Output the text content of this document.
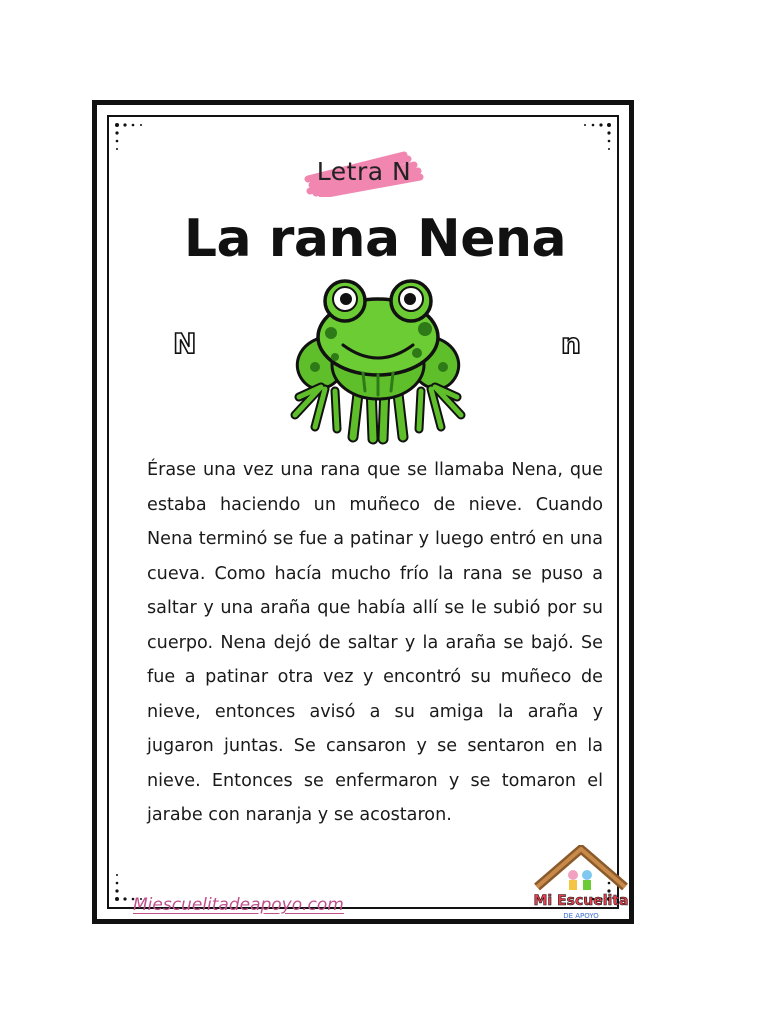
Letra N
La rana Nena
N	n
Érase una vez una rana que se llamaba Nena, que estaba haciendo un muñeco de nieve. Cuando Nena terminó se fue a patinar y luego entró en una cueva. Como hacía mucho frío la rana se puso a saltar y una araña que había allí se le subió por su cuerpo. Nena dejó de saltar y la araña se bajó. Se fue a patinar otra vez y encontró su muñeco de nieve, entonces avisó a su amiga la araña y jugaron juntas. Se cansaron y se sentaron en la nieve. Entonces se enfermaron y se tomaron el jarabe con naranja y se acostaron.
Miescuelitadeapoyo.com	Mi Escuelita
DE APOYO
